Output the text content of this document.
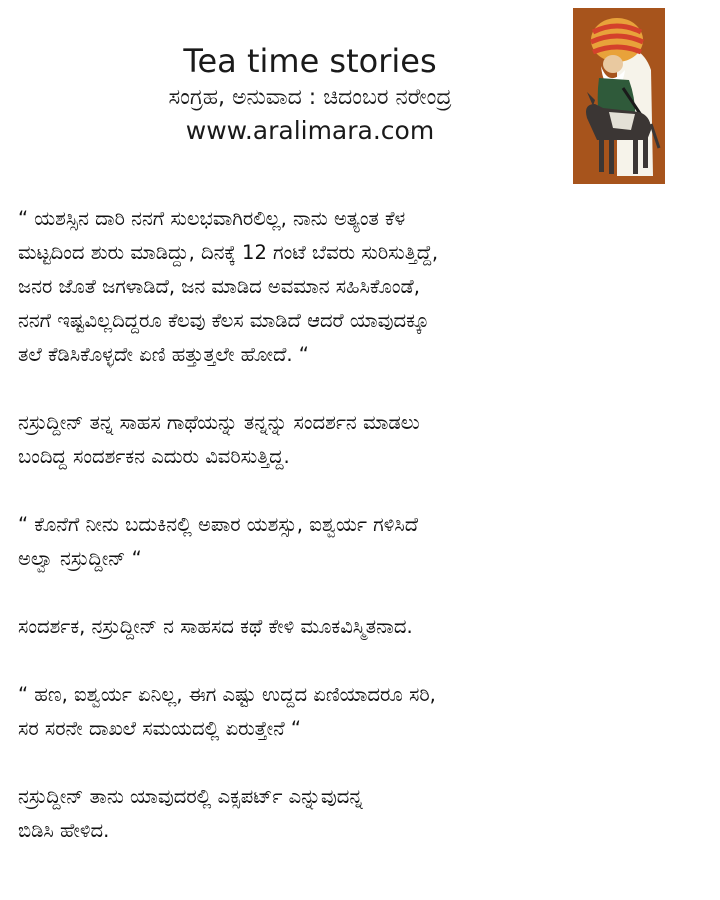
Tea time stories
ಸಂಗ್ರಹ, ಅನುವಾದ : ಚಿದಂಬರ ನರೇಂದ್ರ
www.aralimara.com
“ ಯಶಸ್ಸಿನ ದಾರಿ ನನಗೆ ಸುಲಭವಾಗಿರಲಿಲ್ಲ, ನಾನು ಅತ್ಯಂತ ಕೆಳ
ಮಟ್ಟದಿಂದ ಶುರು ಮಾಡಿದ್ದು, ದಿನಕ್ಕೆ 12 ಗಂಟೆ ಬೆವರು ಸುರಿಸುತ್ತಿದ್ದೆ,
ಜನರ ಜೊತೆ ಜಗಳಾಡಿದೆ, ಜನ ಮಾಡಿದ ಅವಮಾನ ಸಹಿಸಿಕೊಂಡೆ,
ನನಗೆ ಇಷ್ಟವಿಲ್ಲದಿದ್ದರೂ ಕೆಲವು ಕೆಲಸ ಮಾಡಿದೆ ಆದರೆ ಯಾವುದಕ್ಕೂ
ತಲೆ ಕೆಡಿಸಿಕೊಳ್ಳದೇ ಏಣಿ ಹತ್ತುತ್ತಲೇ ಹೋದೆ. “
ನಸ್ರುದ್ದೀನ್ ತನ್ನ ಸಾಹಸ ಗಾಥೆಯನ್ನು ತನ್ನನ್ನು ಸಂದರ್ಶನ ಮಾಡಲು
ಬಂದಿದ್ದ ಸಂದರ್ಶಕನ ಎದುರು ವಿವರಿಸುತ್ತಿದ್ದ.
“ ಕೊನೆಗೆ ನೀನು ಬದುಕಿನಲ್ಲಿ ಅಪಾರ ಯಶಸ್ಸು, ಐಶ್ವರ್ಯ ಗಳಿಸಿದೆ
ಅಲ್ವಾ ನಸ್ರುದ್ದೀನ್ “
ಸಂದರ್ಶಕ, ನಸ್ರುದ್ದೀನ್ ನ ಸಾಹಸದ ಕಥೆ ಕೇಳಿ ಮೂಕವಿಸ್ಮಿತನಾದ.
“ ಹಣ, ಐಶ್ವರ್ಯ ಏನಿಲ್ಲ, ಈಗ ಎಷ್ಟು ಉದ್ದದ ಏಣಿಯಾದರೂ ಸರಿ,
ಸರ ಸರನೇ ದಾಖಲೆ ಸಮಯದಲ್ಲಿ ಏರುತ್ತೇನೆ “
ನಸ್ರುದ್ದೀನ್ ತಾನು ಯಾವುದರಲ್ಲಿ ಎಕ್ಸಪರ್ಟ್ ಎನ್ನುವುದನ್ನ
ಬಿಡಿಸಿ ಹೇಳಿದ.
